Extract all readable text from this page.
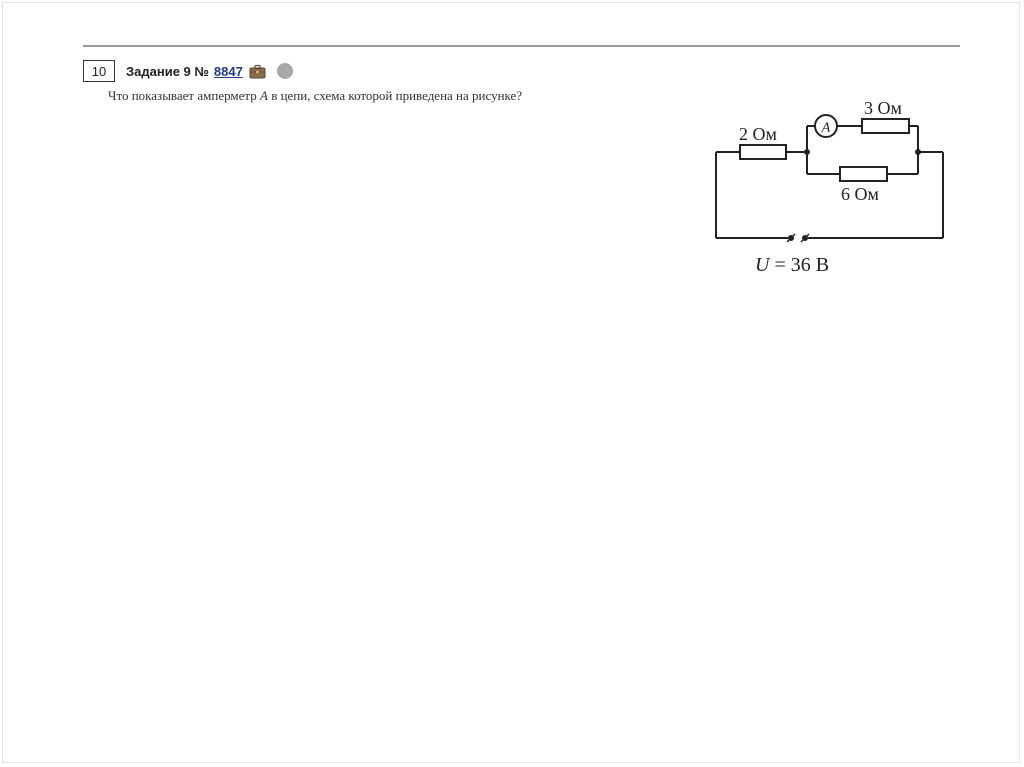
10	Задание 9 № 8847
Что показывает амперметр A в цепи, схема которой приведена на рисунке?
2 Ом
3 Ом
6 Ом
A
U = 36 В
